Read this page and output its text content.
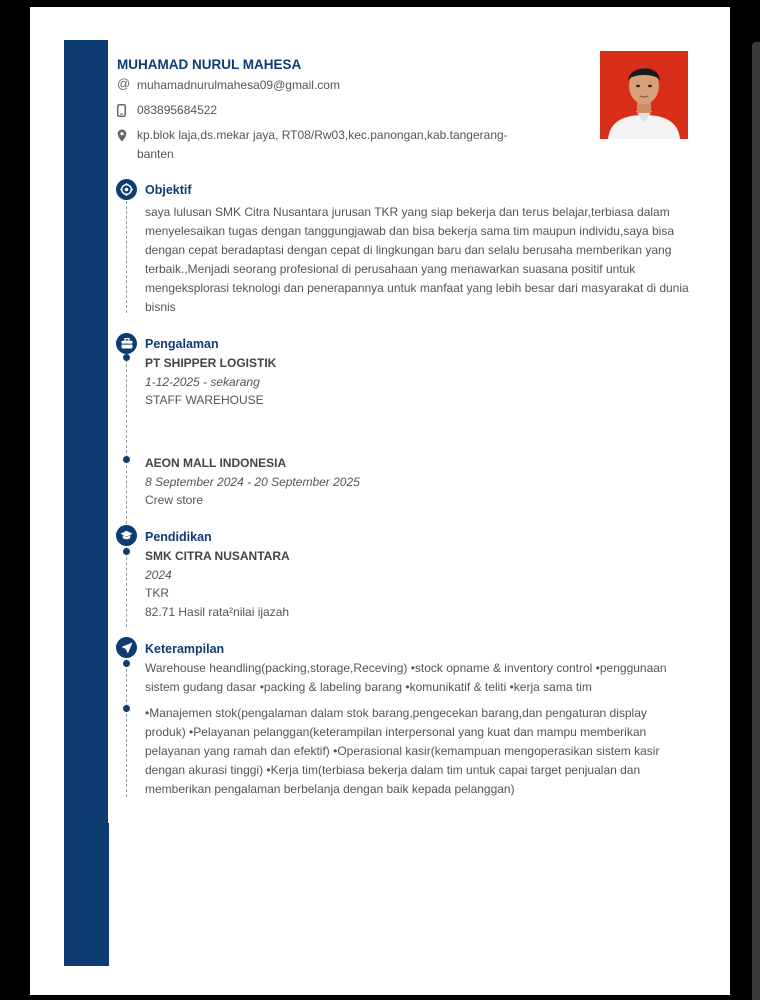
MUHAMAD NURUL MAHESA
@ muhamadnurulmahesa09@gmail.com
083895684522
kp.blok laja,ds.mekar jaya, RT08/Rw03,kec.panongan,kab.tangerang-banten
Objektif
saya lulusan SMK Citra Nusantara jurusan TKR yang siap bekerja dan terus belajar,terbiasa dalam menyelesaikan tugas dengan tanggungjawab dan bisa bekerja sama tim maupun individu,saya bisa dengan cepat beradaptasi dengan cepat di lingkungan baru dan selalu berusaha memberikan yang terbaik.,Menjadi seorang profesional di perusahaan yang menawarkan suasana positif untuk mengeksplorasi teknologi dan penerapannya untuk manfaat yang lebih besar dari masyarakat di dunia bisnis
Pengalaman
PT SHIPPER LOGISTIK
1-12-2025 - sekarang
STAFF WAREHOUSE
AEON MALL INDONESIA
8 September 2024 - 20 September 2025
Crew store
Pendidikan
SMK CITRA NUSANTARA
2024
TKR
82.71 Hasil rata²nilai ijazah
Keterampilan
Warehouse heandling(packing,storage,Receving) •stock opname & inventory control •penggunaan sistem gudang dasar •packing & labeling barang •komunikatif & teliti •kerja sama tim
•Manajemen stok(pengalaman dalam stok barang,pengecekan barang,dan pengaturan display produk) •Pelayanan pelanggan(keterampilan interpersonal yang kuat dan mampu memberikan pelayanan yang ramah dan efektif) •Operasional kasir(kemampuan mengoperasikan sistem kasir dengan akurasi tinggi) •Kerja tim(terbiasa bekerja dalam tim untuk capai target penjualan dan memberikan pengalaman berbelanja dengan baik kepada pelanggan)
